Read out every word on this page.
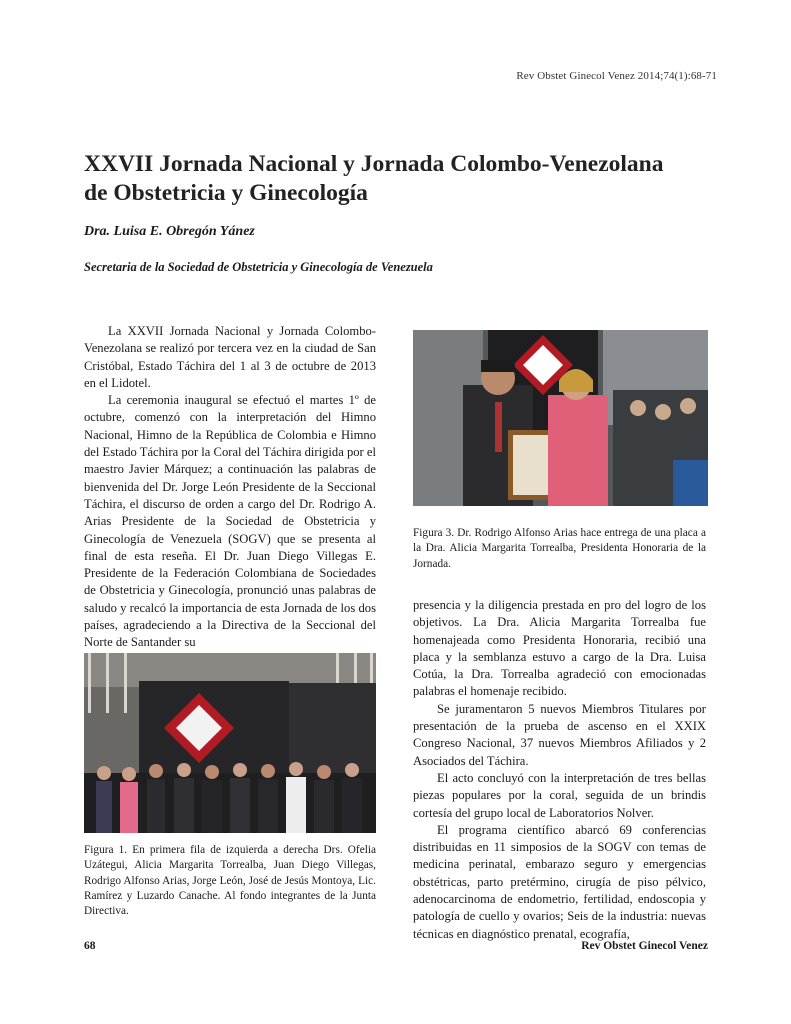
Rev Obstet Ginecol Venez 2014;74(1):68-71
XXVII Jornada Nacional y Jornada Colombo-Venezolana
de Obstetricia y Ginecología
Dra. Luisa E. Obregón Yánez
Secretaria de la Sociedad de Obstetricia y Ginecología de Venezuela

La XXVII Jornada Nacional y Jornada Colombo-Venezolana se realizó por tercera vez en la ciudad de San Cristóbal, Estado Táchira del 1 al 3 de octubre de 2013 en el Lidotel.

La ceremonia inaugural se efectuó el martes 1º de octubre, comenzó con la interpretación del Himno Nacional, Himno de la República de Colombia e Himno del Estado Táchira por la Coral del Táchira dirigida por el maestro Javier Márquez; a continuación las palabras de bienvenida del Dr. Jorge León Presidente de la Seccional Táchira, el discurso de orden a cargo del Dr. Rodrigo A. Arias Presidente de la Sociedad de Obstetricia y Ginecología de Venezuela (SOGV) que se presenta al final de esta reseña. El Dr. Juan Diego Villegas E. Presidente de la Federación Colombiana de Sociedades de Obstetricia y Ginecología, pronunció unas palabras de saludo y recalcó la importancia de esta Jornada de los dos países, agradeciendo a la Directiva de la Seccional del Norte de Santander su

Figura 3. Dr. Rodrigo Alfonso Arias hace entrega de una placa a la Dra. Alicia Margarita Torrealba, Presidenta Honoraria de la Jornada.

presencia y la diligencia prestada en pro del logro de los objetivos. La Dra. Alicia Margarita Torrealba fue homenajeada como Presidenta Honoraria, recibió una placa y la semblanza estuvo a cargo de la Dra. Luisa Cotúa, la Dra. Torrealba agradeció con emocionadas palabras el homenaje recibido.

Se juramentaron 5 nuevos Miembros Titulares por presentación de la prueba de ascenso en el XXIX Congreso Nacional, 37 nuevos Miembros Afiliados y 2 Asociados del Táchira.

El acto concluyó con la interpretación de tres bellas piezas populares por la coral, seguida de un brindis cortesía del grupo local de Laboratorios Nolver.

El programa científico abarcó 69 conferencias distribuidas en 11 simposios de la SOGV con temas de medicina perinatal, embarazo seguro y emergencias obstétricas, parto pretérmino, cirugía de piso pélvico, adenocarcinoma de endometrio, fertilidad, endoscopia y patología de cuello y ovarios; Seis de la industria: nuevas técnicas en diagnóstico prenatal, ecografía,

Figura 1. En primera fila de izquierda a derecha Drs. Ofelia Uzátegui, Alicia Margarita Torrealba, Juan Diego Villegas, Rodrigo Alfonso Arias, Jorge León, José de Jesús Montoya, Lic. Ramírez y Luzardo Canache. Al fondo integrantes de la Junta Directiva.
68	Rev Obstet Ginecol Venez
